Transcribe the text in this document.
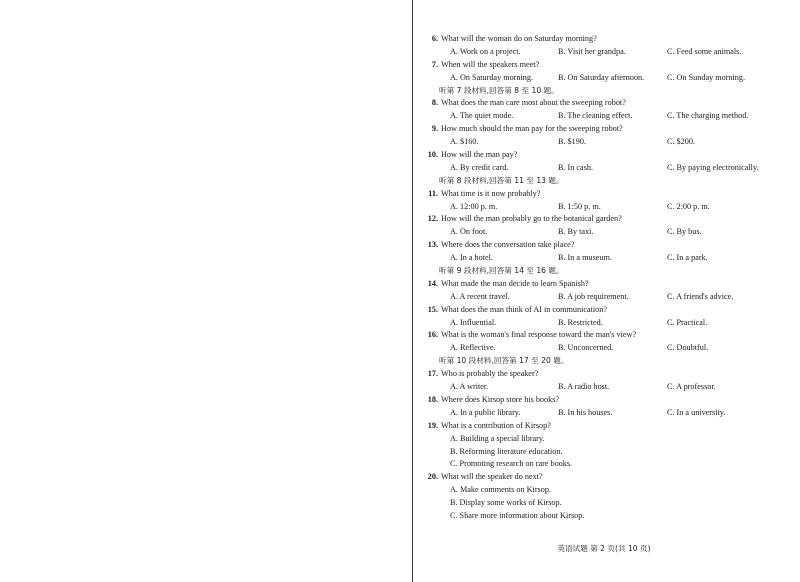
6. What will the woman do on Saturday morning?
A. Work on a project.	B. Visit her grandpa.	C. Feed some animals.
7. When will the speakers meet?
A. On Saturday morning.	B. On Saturday afternoon.	C. On Sunday morning.
听第 7 段材料,回答第 8 至 10 题。
8. What does the man care most about the sweeping robot?
A. The quiet mode.	B. The cleaning effect.	C. The charging method.
9. How much should the man pay for the sweeping robot?
A. $160.	B. $190.	C. $200.
10. How will the man pay?
A. By credit card.	B. In cash.	C. By paying electronically.
听第 8 段材料,回答第 11 至 13 题。
11. What time is it now probably?
A. 12:00 p. m.	B. 1:50 p. m.	C. 2:00 p. m.
12. How will the man probably go to the botanical garden?
A. On foot.	B. By taxi.	C. By bus.
13. Where does the conversation take place?
A. In a hotel.	B. In a museum.	C. In a park.
听第 9 段材料,回答第 14 至 16 题。
14. What made the man decide to learn Spanish?
A. A recent travel.	B. A job requirement.	C. A friend's advice.
15. What does the man think of AI in communication?
A. Influential.	B. Restricted.	C. Practical.
16. What is the woman's final response toward the man's view?
A. Reflective.	B. Unconcerned.	C. Doubtful.
听第 10 段材料,回答第 17 至 20 题。
17. Who is probably the speaker?
A. A writer.	B. A radio host.	C. A professor.
18. Where does Kirsop store his books?
A. In a public library.	B. In his houses.	C. In a university.
19. What is a contribution of Kirsop?
A. Building a special library.
B. Reforming literature education.
C. Promoting research on rare books.
20. What will the speaker do next?
A. Make comments on Kirsop.
B. Display some works of Kirsop.
C. Share more information about Kirsop.
英语试题 第 2 页(共 10 页)
